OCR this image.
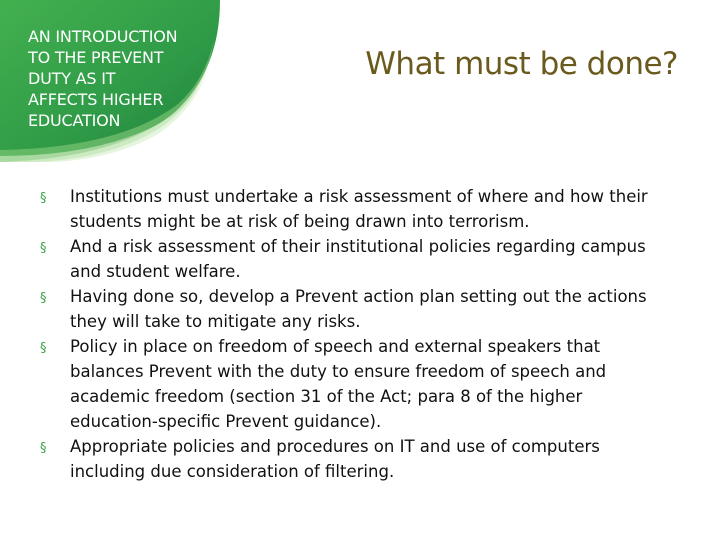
AN INTRODUCTION
TO THE PREVENT
DUTY AS IT
AFFECTS HIGHER
EDUCATION

What must be done?
§ Institutions must undertake a risk assessment of where and how their students might be at risk of being drawn into terrorism.
§ And a risk assessment of their institutional policies regarding campus and student welfare.
§ Having done so, develop a Prevent action plan setting out the actions they will take to mitigate any risks.
§ Policy in place on freedom of speech and external speakers that balances Prevent with the duty to ensure freedom of speech and academic freedom (section 31 of the Act; para 8 of the higher education-specific Prevent guidance).
§ Appropriate policies and procedures on IT and use of computers including due consideration of filtering.
